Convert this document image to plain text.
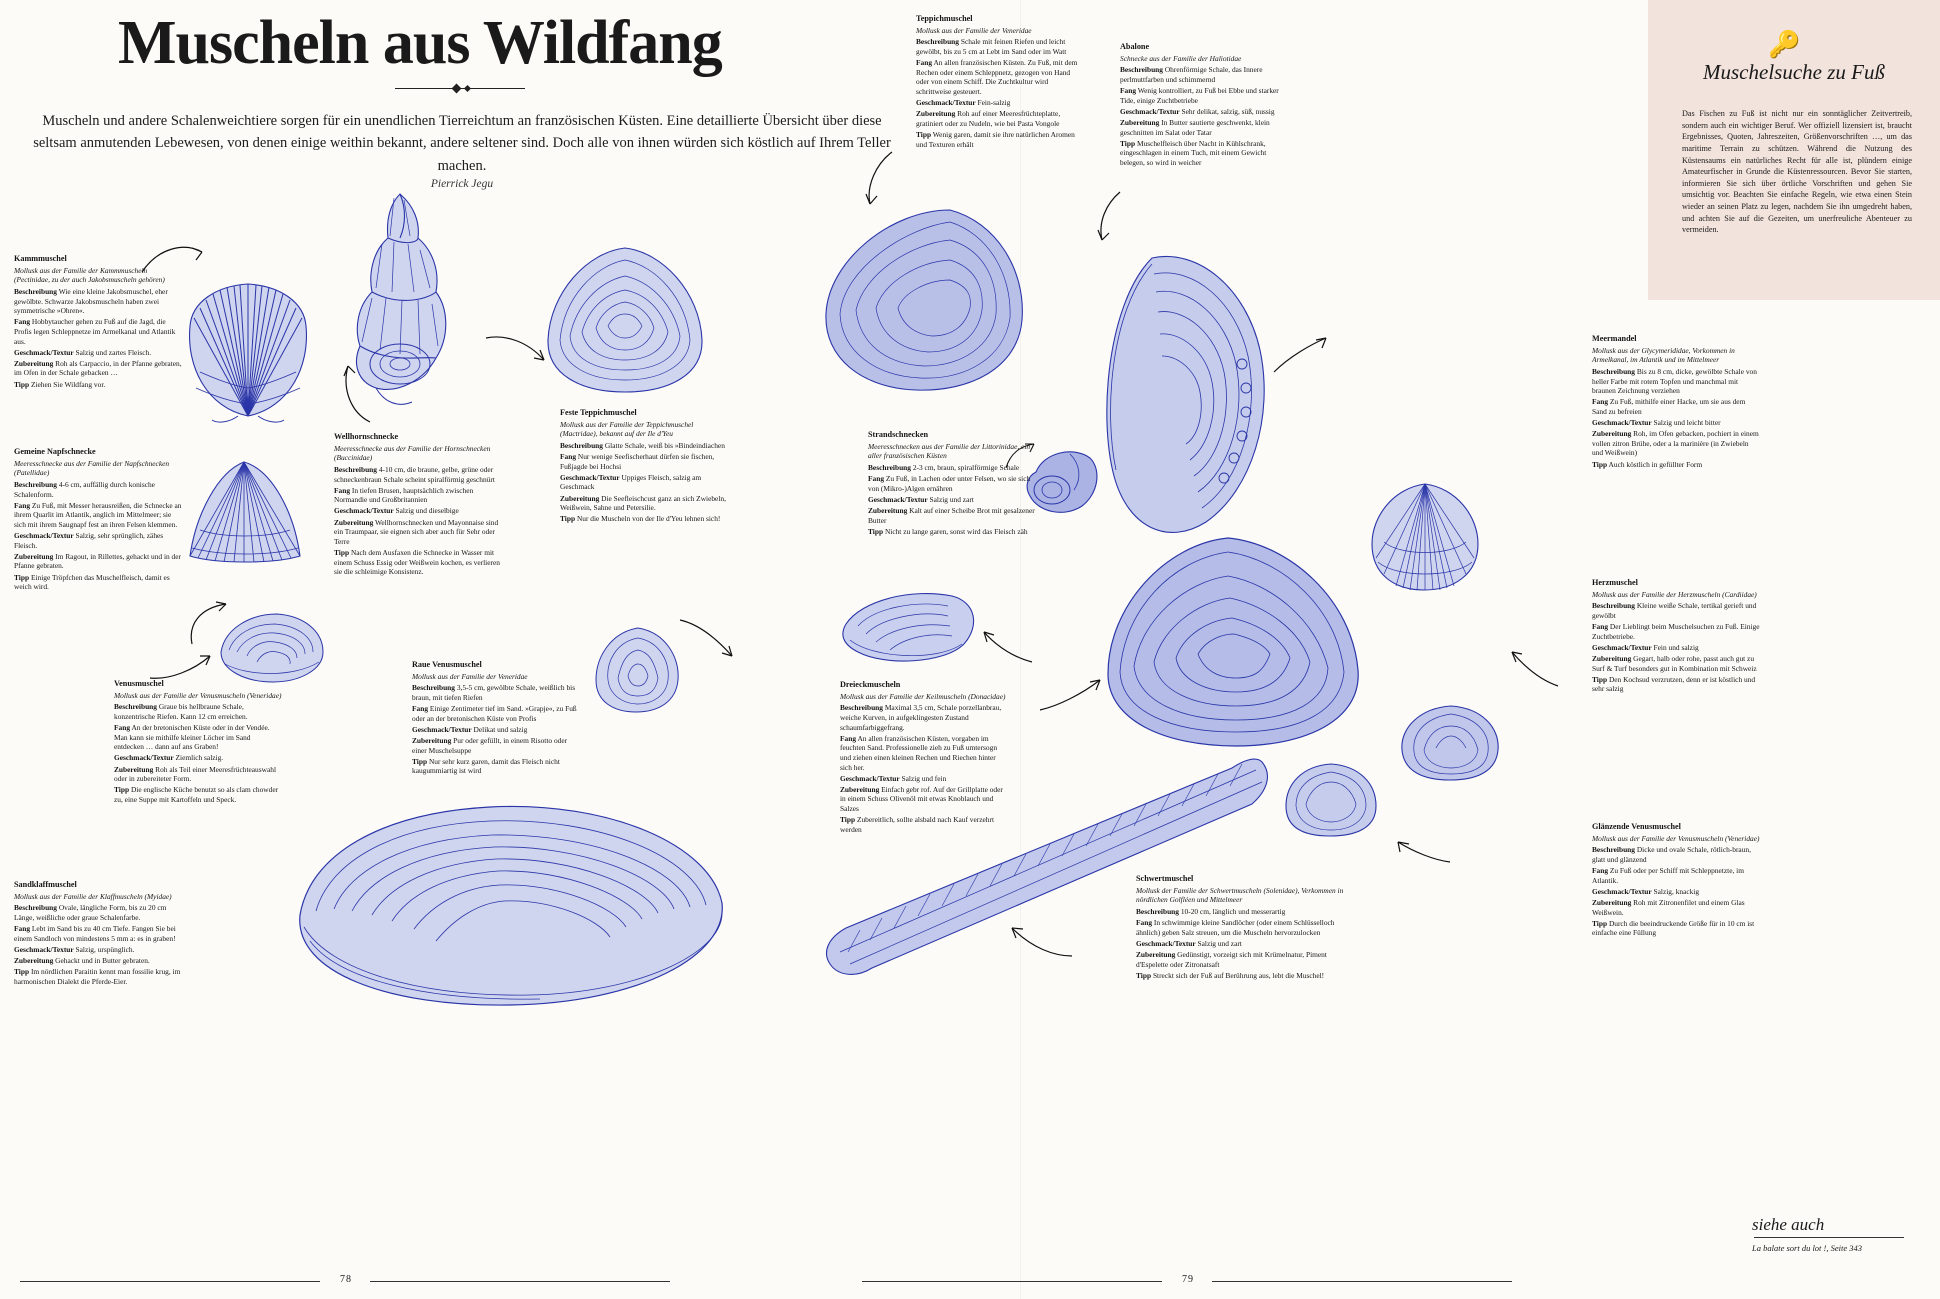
Muscheln aus Wildfang
Muscheln und andere Schalenweichtiere sorgen für ein unendlichen Tierreichtum an französischen Küsten. Eine detaillierte Übersicht über diese seltsam anmutenden Lebewesen, von denen einige weithin bekannt, andere seltener sind. Doch alle von ihnen würden sich köstlich auf Ihrem Teller machen.
Pierrick Jegu
Kammmuschel
Mollusk aus der Familie der Kammmuscheln (Pectinidae, zu der auch Jakobsmuscheln gehören)

Beschreibung Wie eine kleine Jakobsmuschel, eher gewölbte. Schwarze Jakobsmuscheln haben zwei symmetrische »Ohren«.

Fang Hobbytaucher gehen zu Fuß auf die Jagd, die Profis legen Schleppnetze im Armelkanal und Atlantik aus.

Geschmack/Textur Salzig und zartes Fleisch.

Zubereitung Roh als Carpaccio, in der Pfanne gebraten, im Ofen in der Schale gebacken …

Tipp Ziehen Sie Wildfang vor.

Gemeine Napfschnecke
Meeresschnecke aus der Familie der Napfschnecken (Patellidae)

Beschreibung 4-6 cm, auffällig durch konische Schalenform.

Fang Zu Fuß, mit Messer herausreißen, die Schnecke an ihrem Quarlit im Atlantik, anglich im Mittelmeer; sie sich mit ihrem Saugnapf fest an ihren Felsen klemmen.

Geschmack/Textur Salzig, sehr sprünglich, zähes Fleisch.

Zubereitung Im Ragout, in Rillettes, gehackt und in der Pfanne gebraten.

Tipp Einige Tröpfchen das Muschelfleisch, damit es weich wird.

Venusmuschel
Mollusk aus der Familie der Venusmuscheln (Veneridae)

Beschreibung Graue bis hellbraune Schale, konzentrische Riefen. Kann 12 cm erreichen.

Fang An der bretonischen Küste oder in der Vendée. Man kann sie mithilfe kleiner Löcher im Sand entdecken … dann auf ans Graben!

Geschmack/Textur Ziemlich salzig.

Zubereitung Roh als Teil einer Meeresfrüchteauswahl oder in zubereiteter Form.

Tipp Die englische Küche benutzt so als clam chowder zu, eine Suppe mit Kartoffeln und Speck.

Sandklaffmuschel
Mollusk aus der Familie der Klaffmuscheln (Myidae)

Beschreibung Ovale, längliche Form, bis zu 20 cm Länge, weißliche oder graue Schalenfarbe.

Fang Lebt im Sand bis zu 40 cm Tiefe. Fangen Sie bei einem Sandloch von mindestens 5 mm a: es in graben!

Geschmack/Textur Salzig, urspünglich.

Zubereitung Gehackt und in Butter gebraten.

Tipp Im nördlichen Paraitin kennt man fossilie krug, im harmonischen Dialekt die Pferde-Eier.

Wellhornschnecke
Meeresschnecke aus der Familie der Hornschnecken (Buccinidae)

Beschreibung 4-10 cm, die braune, gelbe, grüne oder schneckenbraun Schale scheint spiralförmig geschnürt

Fang In tiefen Brusen, hauptsächlich zwischen Normandie und Großbritannien

Geschmack/Textur Salzig und dieselbige

Zubereitung Wellhornschnecken und Mayonnaise sind ein Traumpaar, sie eignen sich aber auch für Sehr oder Terre

Tipp Nach dem Ausfaxen die Schnecke in Wasser mit einem Schuss Essig oder Weißwein kochen, es verlieren sie die schleimige Konsistenz.

Feste Teppichmuschel
Mollusk aus der Familie der Teppichmuschel (Mactridae), bekannt auf der Ile d'Yeu

Beschreibung Glatte Schale, weiß bis »Bindeindiachen

Fang Nur wenige Seefischerhaut dürfen sie fischen, Fußjagde bei Hochsi

Geschmack/Textur Uppiges Fleisch, salzig am Geschmack

Zubereitung Die Seefleischcust ganz an sich Zwiebeln, Weißwein, Sahne und Petersilie.

Tipp Nur die Muscheln von der Ile d'Yeu lehnen sich!

Raue Venusmuschel
Mollusk aus der Familie der Veneridae

Beschreibung 3,5-5 cm, gewölbte Schale, weißlich bis braun, mit tiefen Riefen

Fang Einige Zentimeter tief im Sand. »Grapje«, zu Fuß oder an der bretonischen Küste von Profis

Geschmack/Textur Delikat und salzig

Zubereitung Pur oder gefüllt, in einem Risotto oder einer Muschelsuppe

Tipp Nur sehr kurz garen, damit das Fleisch nicht kaugummiartig ist wird

Teppichmuschel
Mollusk aus der Familie der Veneridae

Beschreibung Schale mit feinen Riefen und leicht gewölbt, bis zu 5 cm at Lebt im Sand oder im Watt

Fang An allen französischen Küsten. Zu Fuß, mit dem Rechen oder einem Schleppnetz, gezogen von Hand oder von einem Schiff. Die Zuchtkultur wird schrittweise gesteuert.

Geschmack/Textur Fein-salzig

Zubereitung Roh auf einer Meeresfrüchteplatte, gratiniert oder zu Nudeln, wie bei Pasta Vongole

Tipp Wenig garen, damit sie ihre natürlichen Aromen und Texturen erhält

Abalone
Schnecke aus der Familie der Haliotidae

Beschreibung Ohrenförmige Schale, das Innere perlmuttfarben und schimmernd

Fang Wenig kontrolliert, zu Fuß bei Ebbe und starker Tide, einige Zuchtbetriebe

Geschmack/Textur Sehr delikat, salzig, süß, nussig

Zubereitung In Butter sautierte geschwenkt, klein geschnitten im Salat oder Tatar

Tipp Muschelfleisch über Nacht in Kühlschrank, eingeschlagen in einem Tuch, mit einem Gewicht belegen, so wird in weicher

Strandschnecken
Meeresschnecken aus der Familie der Littorinidae, ein aller französischen Küsten

Beschreibung 2-3 cm, braun, spiralförmige Schale

Fang Zu Fuß, in Lachen oder unter Felsen, wo sie sich von (Mikro-)Algen ernähren

Geschmack/Textur Salzig und zart

Zubereitung Kalt auf einer Scheibe Brot mit gesalzener Butter

Tipp Nicht zu lange garen, sonst wird das Fleisch zäh

Dreieckmuscheln
Mollusk aus der Familie der Keilmuscheln (Donacidae)

Beschreibung Maximal 3,5 cm, Schale porzellanbrau, weiche Kurven, in aufgeklingesten Zustand schaumfarbiggefrang.

Fang An allen französischen Küsten, vorgaben im feuchten Sand. Professionelle zieh zu Fuß umtersogn und ziehen einen kleinen Rechen und Riechen hinter sich her.

Geschmack/Textur Salzig und fein

Zubereitung Einfach gebr rof. Auf der Grillplatte oder in einem Schuss Olivenöl mit etwas Knoblauch und Salzes

Tipp Zubereitlich, sollte alsbald nach Kauf verzehrt werden

Schwertmuschel
Mollusk der Familie der Schwertmuscheln (Solenidae), Verkommen in nördlichen Golfléen und Mittelmeer

Beschreibung 10-20 cm, länglich und messerartig

Fang In schwimmige kleine Sandlöcher (oder einem Schlüsselloch ähnlich) geben Salz streuen, um die Muscheln hervorzulocken

Geschmack/Textur Salzig und zart

Zubereitung Gedünstigt, vorzeigt sich mit Krümelnatur, Piment d'Espelette oder Zitronatsaft

Tipp Streckt sich der Fuß auf Berührung aus, lebt die Muschel!

Meermandel
Mollusk aus der Glycymerididae, Vorkommen in Armelkanal, im Atlantik und im Mittelmeer

Beschreibung Bis zu 8 cm, dicke, gewölbte Schale von heller Farbe mit rotem Topfen und manchmal mit braunen Zeichnung verziehen

Fang Zu Fuß, mithilfe einer Hacke, um sie aus dem Sand zu befreien

Geschmack/Textur Salzig und leicht bitter

Zubereitung Roh, im Ofen gebacken, pochiert in einem vollen zitron Brühe, oder a la marinière (in Zwiebeln und Weißwein)

Tipp Auch köstlich in gefüllter Form

Herzmuschel
Mollusk aus der Familie der Herzmuscheln (Cardiidae)

Beschreibung Kleine weiße Schale, tertikal gerieft und gewölbt

Fang Der Lieblingt beim Muschelsuchen zu Fuß. Einige Zuchtbetriebe.

Geschmack/Textur Fein und salzig

Zubereitung Gegart, halb oder rohe, passt auch gut zu Surf & Turf besonders gut in Kombination mit Schweiz

Tipp Den Kochsud verzrutzen, denn er ist köstlich und sehr salzig

Glänzende Venusmuschel
Mollusk aus der Familie der Venusmuscheln (Veneridae)

Beschreibung Dicke und ovale Schale, rötlich-braun, glatt und glänzend

Fang Zu Fuß oder per Schiff mit Schleppnetzte, im Atlantik.

Geschmack/Textur Salzig, knackig

Zubereitung Roh mit Zitronenfilet und einem Glas Weißwein.

Tipp Durch die beeindruckende Größe für in 10 cm ist einfache eine Füllung

🔑
Muschelsuche zu Fuß
Das Fischen zu Fuß ist nicht nur ein sonntäglicher Zeitvertreib, sondern auch ein wichtiger Beruf. Wer offiziell lizensiert ist, braucht Ergebnisses, Quoten, Jahreszeiten, Größenvorschriften …, um das maritime Terrain zu schützen. Während die Nutzung des Küstensaums ein natürliches Recht für alle ist, plündern einige Amateurfischer in Grunde die Küstenressourcen. Bevor Sie starten, informieren Sie sich über örtliche Vorschriften und gehen Sie umsichtig vor. Beachten Sie einfache Regeln, wie etwa einen Stein wieder an seinen Platz zu legen, nachdem Sie ihn umgedreht haben, und achten Sie auf die Gezeiten, um unerfreuliche Abenteuer zu vermeiden.
siehe auch
La balate sort du lot !, Seite 343
78	79
